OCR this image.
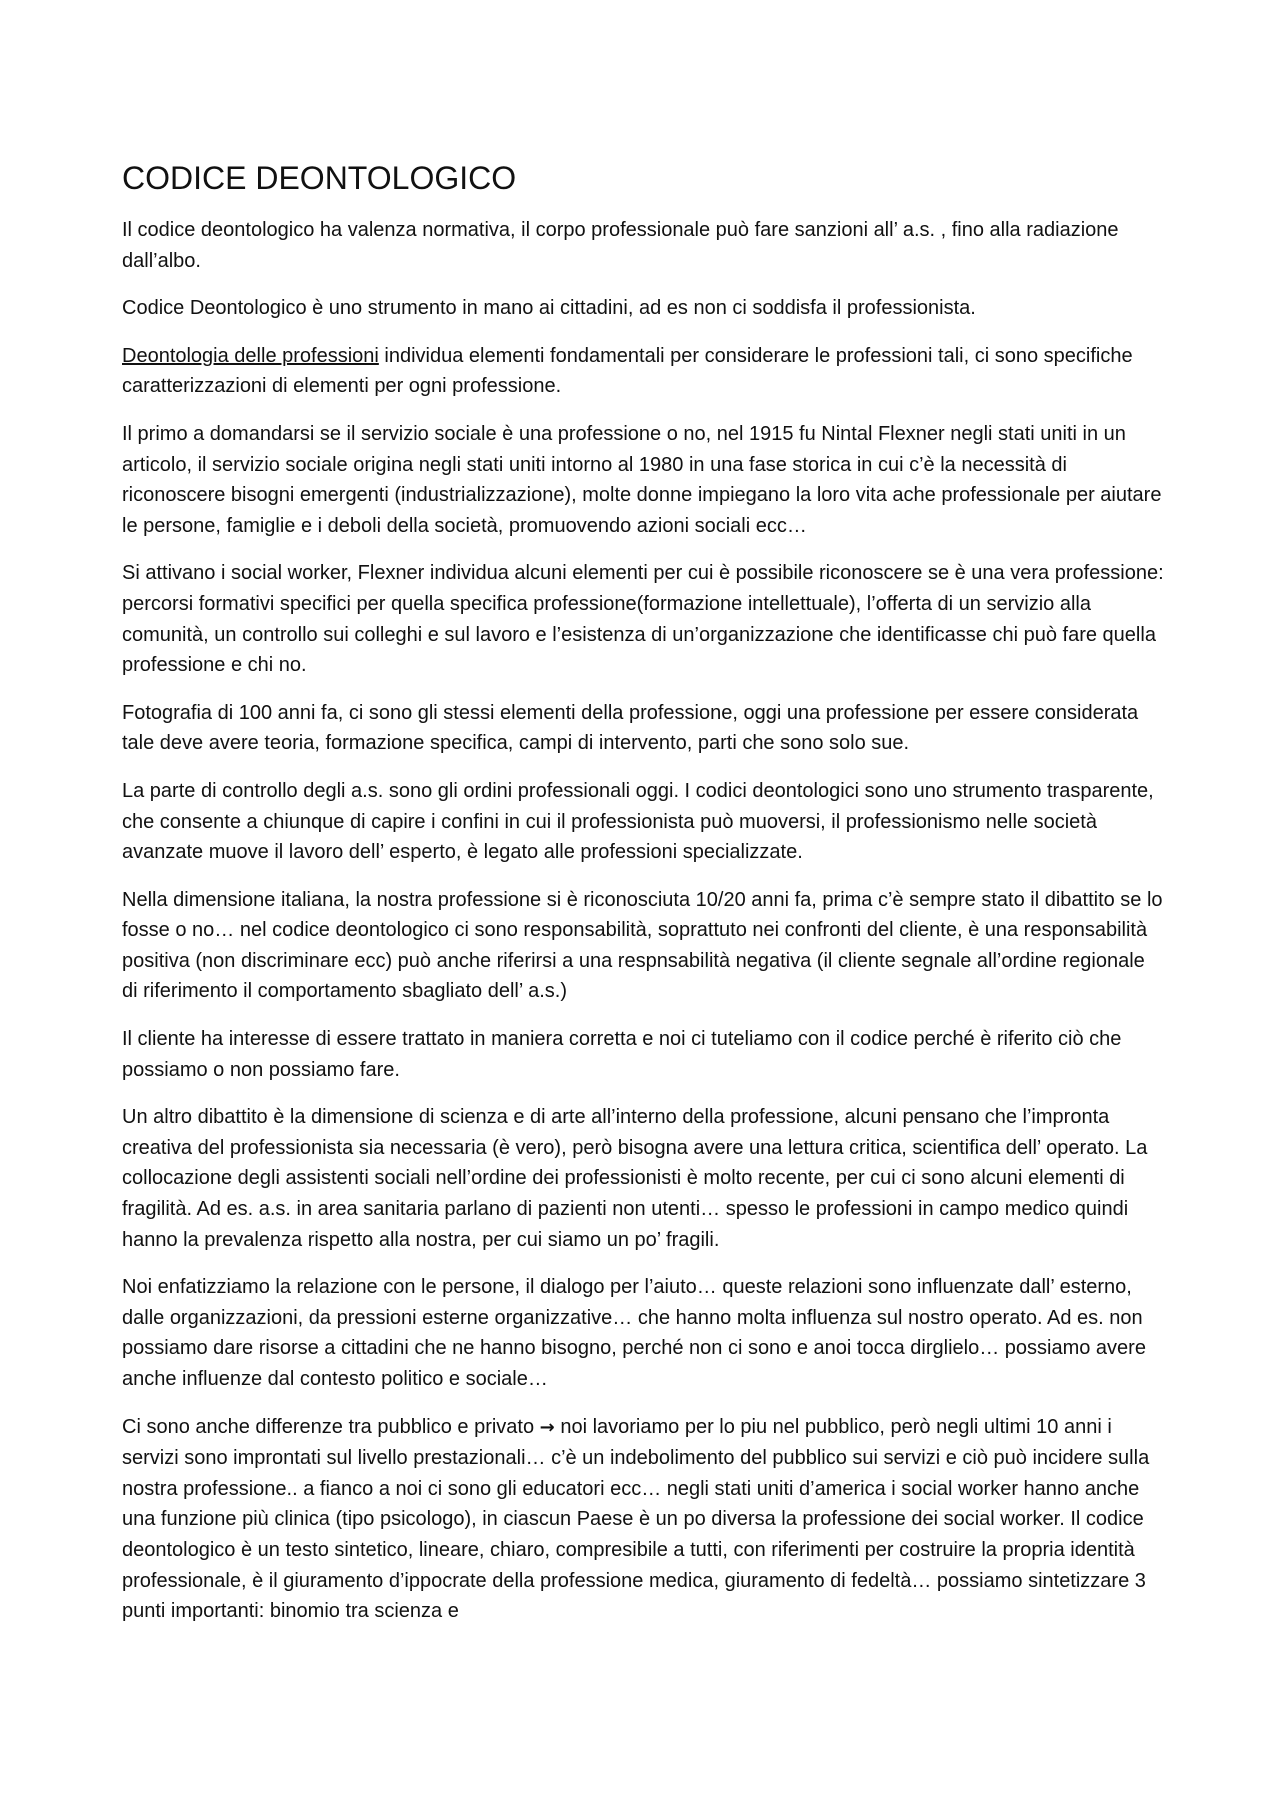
CODICE DEONTOLOGICO

Il codice deontologico ha valenza normativa, il corpo professionale può fare sanzioni all’ a.s. , fino alla radiazione dall’albo.

Codice Deontologico è uno strumento in mano ai cittadini, ad es non ci soddisfa il professionista.

Deontologia delle professioni individua elementi fondamentali per considerare le professioni tali, ci sono specifiche caratterizzazioni di elementi per ogni professione.

Il primo a domandarsi se il servizio sociale è una professione o no, nel 1915 fu Nintal Flexner negli stati uniti in un articolo, il servizio sociale origina negli stati uniti intorno al 1980 in una fase storica in cui c’è la necessità di riconoscere bisogni emergenti (industrializzazione), molte donne impiegano la loro vita ache professionale per aiutare le persone, famiglie e i deboli della società, promuovendo azioni sociali ecc…

Si attivano i social worker, Flexner individua alcuni elementi per cui è possibile riconoscere se è una vera professione: percorsi formativi specifici per quella specifica professione(formazione intellettuale), l’offerta di un servizio alla comunità, un controllo sui colleghi e sul lavoro e l’esistenza di un’organizzazione che identificasse chi può fare quella professione e chi no.

Fotografia di 100 anni fa, ci sono gli stessi elementi della professione, oggi una professione per essere considerata tale deve avere teoria, formazione specifica, campi di intervento, parti che sono solo sue.

La parte di controllo degli a.s. sono gli ordini professionali oggi. I codici deontologici sono uno strumento trasparente, che consente a chiunque di capire i confini in cui il professionista può muoversi, il professionismo nelle società avanzate muove il lavoro dell’ esperto, è legato alle professioni specializzate.

Nella dimensione italiana, la nostra professione si è riconosciuta 10/20 anni fa, prima c’è sempre stato il dibattito se lo fosse o no… nel codice deontologico ci sono responsabilità, soprattuto nei confronti del cliente, è una responsabilità positiva (non discriminare ecc) può anche riferirsi a una respnsabilità negativa (il cliente segnale all’ordine regionale di riferimento il comportamento sbagliato dell’ a.s.)

Il cliente ha interesse di essere trattato in maniera corretta e noi ci tuteliamo con il codice perché è riferito ciò che possiamo o non possiamo fare.

Un altro dibattito è la dimensione di scienza e di arte all’interno della professione, alcuni pensano che l’impronta creativa del professionista sia necessaria (è vero), però bisogna avere una lettura critica, scientifica dell’ operato. La collocazione degli assistenti sociali nell’ordine dei professionisti è molto recente, per cui ci sono alcuni elementi di fragilità. Ad es. a.s. in area sanitaria parlano di pazienti non utenti… spesso le professioni in campo medico quindi hanno la prevalenza rispetto alla nostra, per cui siamo un po’ fragili.

Noi enfatizziamo la relazione con le persone, il dialogo per l’aiuto… queste relazioni sono influenzate dall’ esterno, dalle organizzazioni, da pressioni esterne organizzative… che hanno molta influenza sul nostro operato. Ad es. non possiamo dare risorse a cittadini che ne hanno bisogno, perché non ci sono e anoi tocca dirglielo… possiamo avere anche influenze dal contesto politico e sociale…

Ci sono anche differenze tra pubblico e privato → noi lavoriamo per lo piu nel pubblico, però negli ultimi 10 anni i servizi sono improntati sul livello prestazionali… c’è un indebolimento del pubblico sui servizi e ciò può incidere sulla nostra professione.. a fianco a noi ci sono gli educatori ecc… negli stati uniti d’america i social worker hanno anche una funzione più clinica (tipo psicologo), in ciascun Paese è un po diversa la professione dei social worker. Il codice deontologico è un testo sintetico, lineare, chiaro, compresibile a tutti, con riferimenti per costruire la propria identità professionale, è il giuramento d’ippocrate della professione medica, giuramento di fedeltà… possiamo sintetizzare 3 punti importanti: binomio tra scienza e
